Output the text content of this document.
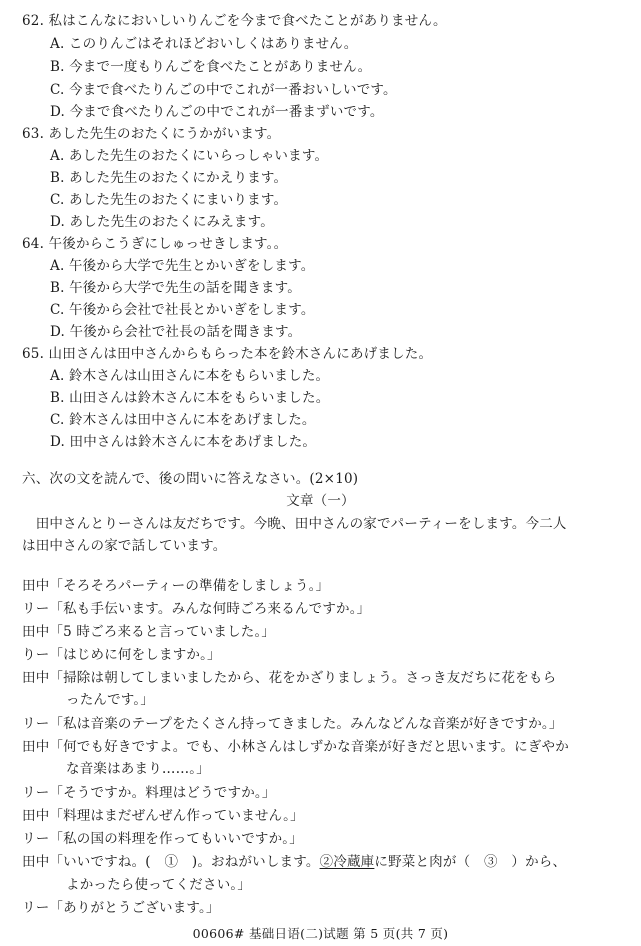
62. 私はこんなにおいしいりんごを今まで食べたことがありません。
A. このりんごはそれほどおいしくはありません。
B. 今まで一度もりんごを食べたことがありません。
C. 今まで食べたりんごの中でこれが一番おいしいです。
D. 今まで食べたりんごの中でこれが一番まずいです。
63. あした先生のおたくにうかがいます。
A. あした先生のおたくにいらっしゃいます。
B. あした先生のおたくにかえります。
C. あした先生のおたくにまいります。
D. あした先生のおたくにみえます。
64. 午後からこうぎにしゅっせきします。。
A. 午後から大学で先生とかいぎをします。
B. 午後から大学で先生の話を聞きます。
C. 午後から会社で社長とかいぎをします。
D. 午後から会社で社長の話を聞きます。
65. 山田さんは田中さんからもらった本を鈴木さんにあげました。
A. 鈴木さんは山田さんに本をもらいました。
B. 山田さんは鈴木さんに本をもらいました。
C. 鈴木さんは田中さんに本をあげました。
D. 田中さんは鈴木さんに本をあげました。
六、次の文を読んで、後の問いに答えなさい。(2×10)
文章（一）
　田中さんとりーさんは友だちです。今晩、田中さんの家でパーティーをします。今二人
は田中さんの家で話しています。
田中「そろそろパーティーの準備をしましょう。」
リー「私も手伝います。みんな何時ごろ来るんですか。」
田中「5 時ごろ来ると言っていました。」
りー「はじめに何をしますか。」
田中「掃除は朝してしまいましたから、花をかざりましょう。さっき友だちに花をもら
ったんです。」
リー「私は音楽のテープをたくさん持ってきました。みんなどんな音楽が好きですか。」
田中「何でも好きですよ。でも、小林さんはしずかな音楽が好きだと思います。にぎやか
な音楽はあまり……。」
リー「そうですか。料理はどうですか。」
田中「料理はまだぜんぜん作っていません。」
リー「私の国の料理を作ってもいいですか。」
田中「いいですね。(　①　)。おねがいします。②冷蔵庫に野菜と肉が（　③　）から、
よかったら使ってください。」
リー「ありがとうございます。」
00606# 基础日语(二)试题 第 5 页(共 7 页)
